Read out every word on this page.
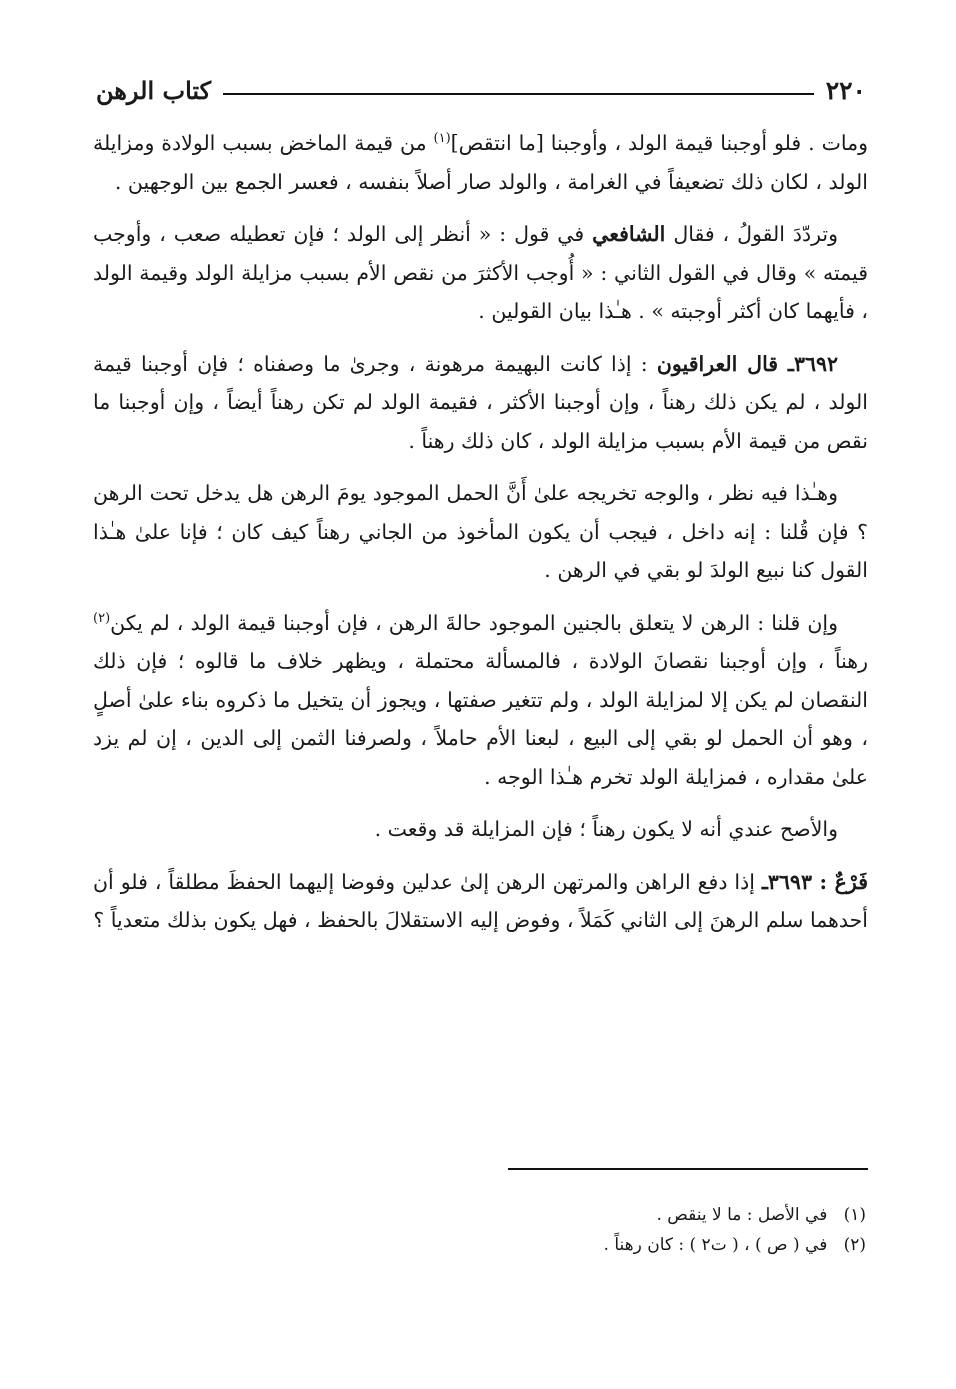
٢٢٠
كتاب الرهن

ومات . فلو أوجبنا قيمة الولد ، وأوجبنا [ما انتقص]$^{(١)}$ من قيمة الماخض بسبب الولادة ومزايلة الولد ، لكان ذلك تضعيفاً في الغرامة ، والولد صار أصلاً بنفسه ، فعسر الجمع بين الوجهين .

وتردّدَ القولُ ، فقال الشافعي في قول : « أنظر إلى الولد ؛ فإن تعطيله صعب ، وأوجب قيمته » وقال في القول الثاني : « أُوجب الأكثرَ من نقص الأم بسبب مزايلة الولد وقيمة الولد ، فأيهما كان أكثر أوجبته » . هـٰذا بيان القولين .

٣٦٩٢ـ قال العراقيون : إذا كانت البهيمة مرهونة ، وجرىٰ ما وصفناه ؛ فإن أوجبنا قيمة الولد ، لم يكن ذلك رهناً ، وإن أوجبنا الأكثر ، فقيمة الولد لم تكن رهناً أيضاً ، وإن أوجبنا ما نقص من قيمة الأم بسبب مزايلة الولد ، كان ذلك رهناً .

وهـٰذا فيه نظر ، والوجه تخريجه علىٰ أَنَّ الحمل الموجود يومَ الرهن هل يدخل تحت الرهن ؟ فإن قُلنا : إنه داخل ، فيجب أن يكون المأخوذ من الجاني رهناً كيف كان ؛ فإنا علىٰ هـٰذا القول كنا نبيع الولدَ لو بقي في الرهن .

وإن قلنا : الرهن لا يتعلق بالجنين الموجود حالةَ الرهن ، فإن أوجبنا قيمة الولد ، لم يكن$^{(٢)}$ رهناً ، وإن أوجبنا نقصانَ الولادة ، فالمسألة محتملة ، ويظهر خلاف ما قالوه ؛ فإن ذلك النقصان لم يكن إلا لمزايلة الولد ، ولم تتغير صفتها ، ويجوز أن يتخيل ما ذكروه بناء علىٰ أصلٍ ، وهو أن الحمل لو بقي إلى البيع ، لبعنا الأم حاملاً ، ولصرفنا الثمن إلى الدين ، إن لم يزد علىٰ مقداره ، فمزايلة الولد تخرم هـٰذا الوجه .

والأصح عندي أنه لا يكون رهناً ؛ فإن المزايلة قد وقعت .

فَرْعٌ : ٣٦٩٣ـ إذا دفع الراهن والمرتهن الرهن إلىٰ عدلين وفوضا إليهما الحفظَ مطلقاً ، فلو أن أحدهما سلم الرهنَ إلى الثاني كَمَلاً ، وفوض إليه الاستقلالَ بالحفظ ، فهل يكون بذلك متعدياً ؟

(١)   في الأصل : ما لا ينقص .
(٢)   في ( ص ) ، ( ت٢ ) : كان رهناً .
